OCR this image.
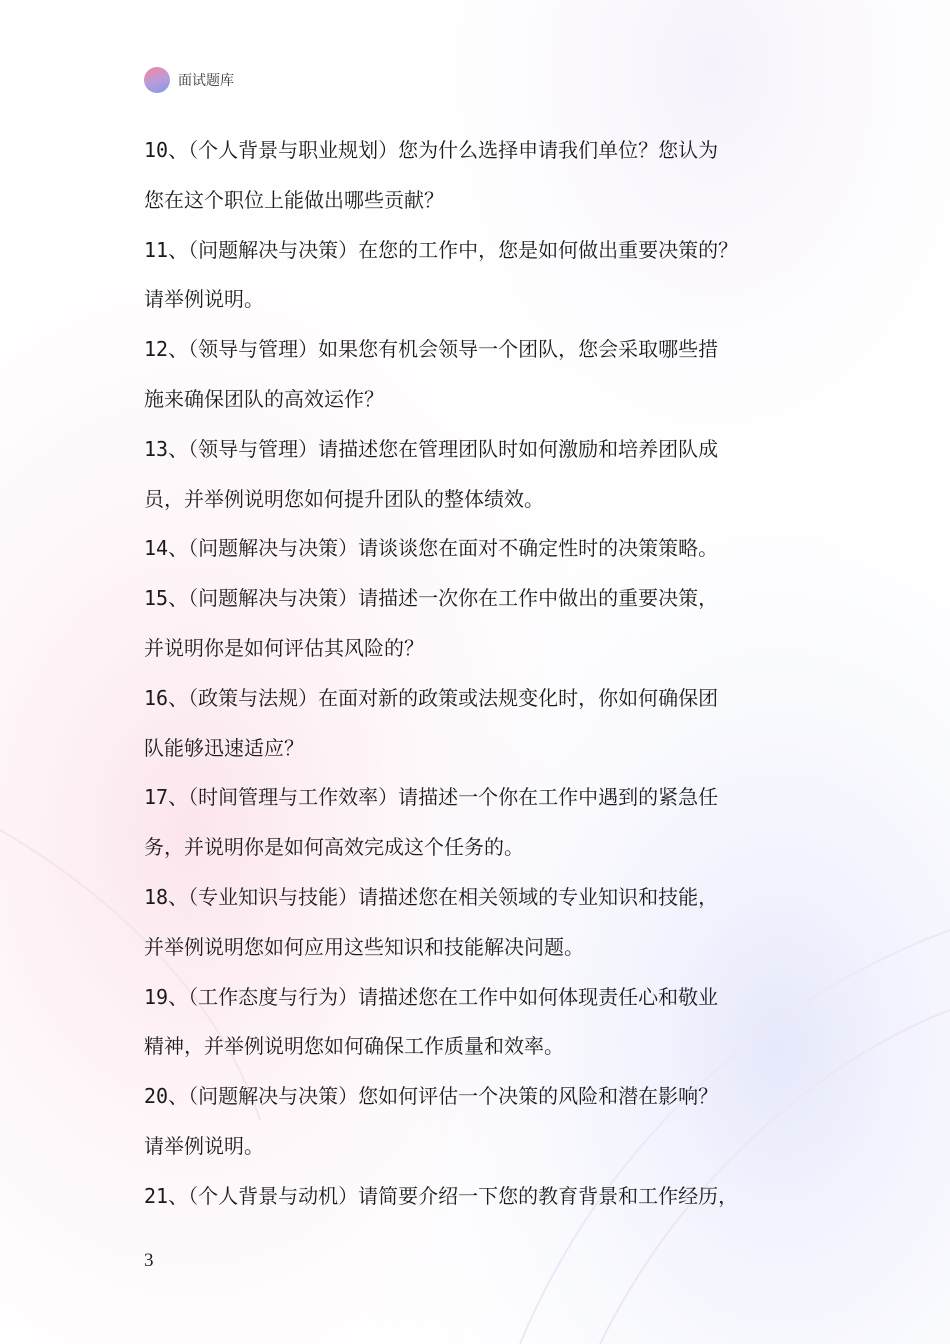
面试题库
10、（个人背景与职业规划）您为什么选择申请我们单位？您认为
您在这个职位上能做出哪些贡献？
11、（问题解决与决策）在您的工作中，您是如何做出重要决策的？
请举例说明。
12、（领导与管理）如果您有机会领导一个团队，您会采取哪些措
施来确保团队的高效运作？
13、（领导与管理）请描述您在管理团队时如何激励和培养团队成
员，并举例说明您如何提升团队的整体绩效。
14、（问题解决与决策）请谈谈您在面对不确定性时的决策策略。
15、（问题解决与决策）请描述一次你在工作中做出的重要决策，
并说明你是如何评估其风险的？
16、（政策与法规）在面对新的政策或法规变化时，你如何确保团
队能够迅速适应？
17、（时间管理与工作效率）请描述一个你在工作中遇到的紧急任
务，并说明你是如何高效完成这个任务的。
18、（专业知识与技能）请描述您在相关领域的专业知识和技能，
并举例说明您如何应用这些知识和技能解决问题。
19、（工作态度与行为）请描述您在工作中如何体现责任心和敬业
精神，并举例说明您如何确保工作质量和效率。
20、（问题解决与决策）您如何评估一个决策的风险和潜在影响？
请举例说明。
21、（个人背景与动机）请简要介绍一下您的教育背景和工作经历，
3
